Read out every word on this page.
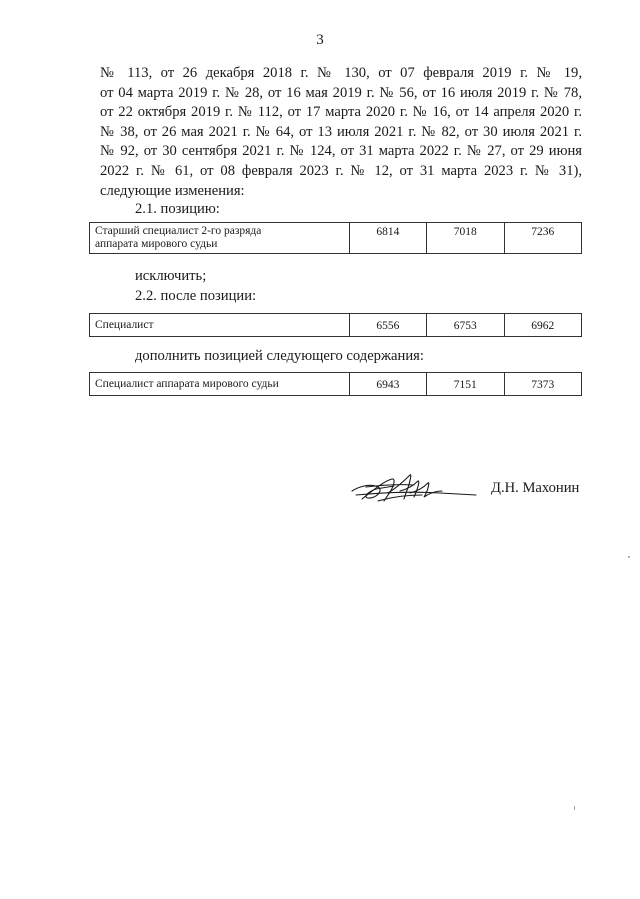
3
№ 113, от 26 декабря 2018 г. № 130, от 07 февраля 2019 г. № 19,
от 04 марта 2019 г. № 28, от 16 мая 2019 г. № 56, от 16 июля 2019 г. № 78,
от 22 октября 2019 г. № 112, от 17 марта 2020 г. № 16, от 14 апреля 2020 г.
№ 38, от 26 мая 2021 г. № 64, от 13 июля 2021 г. № 82, от 30 июля 2021 г.
№ 92, от 30 сентября 2021 г. № 124, от 31 марта 2022 г. № 27, от 29 июня
2022 г. № 61, от 08 февраля 2023 г. № 12, от 31 марта 2023 г. № 31),
следующие изменения:

2.1. позицию:

Старший специалист 2-го разряда
аппарата мирового судьи
	6814	7018	7236

исключить;

2.2. после позиции:

Специалист	6556	6753	6962

дополнить позицией следующего содержания:

Специалист аппарата мирового судьи	6943	7151	7373
Д.Н. Махонин
